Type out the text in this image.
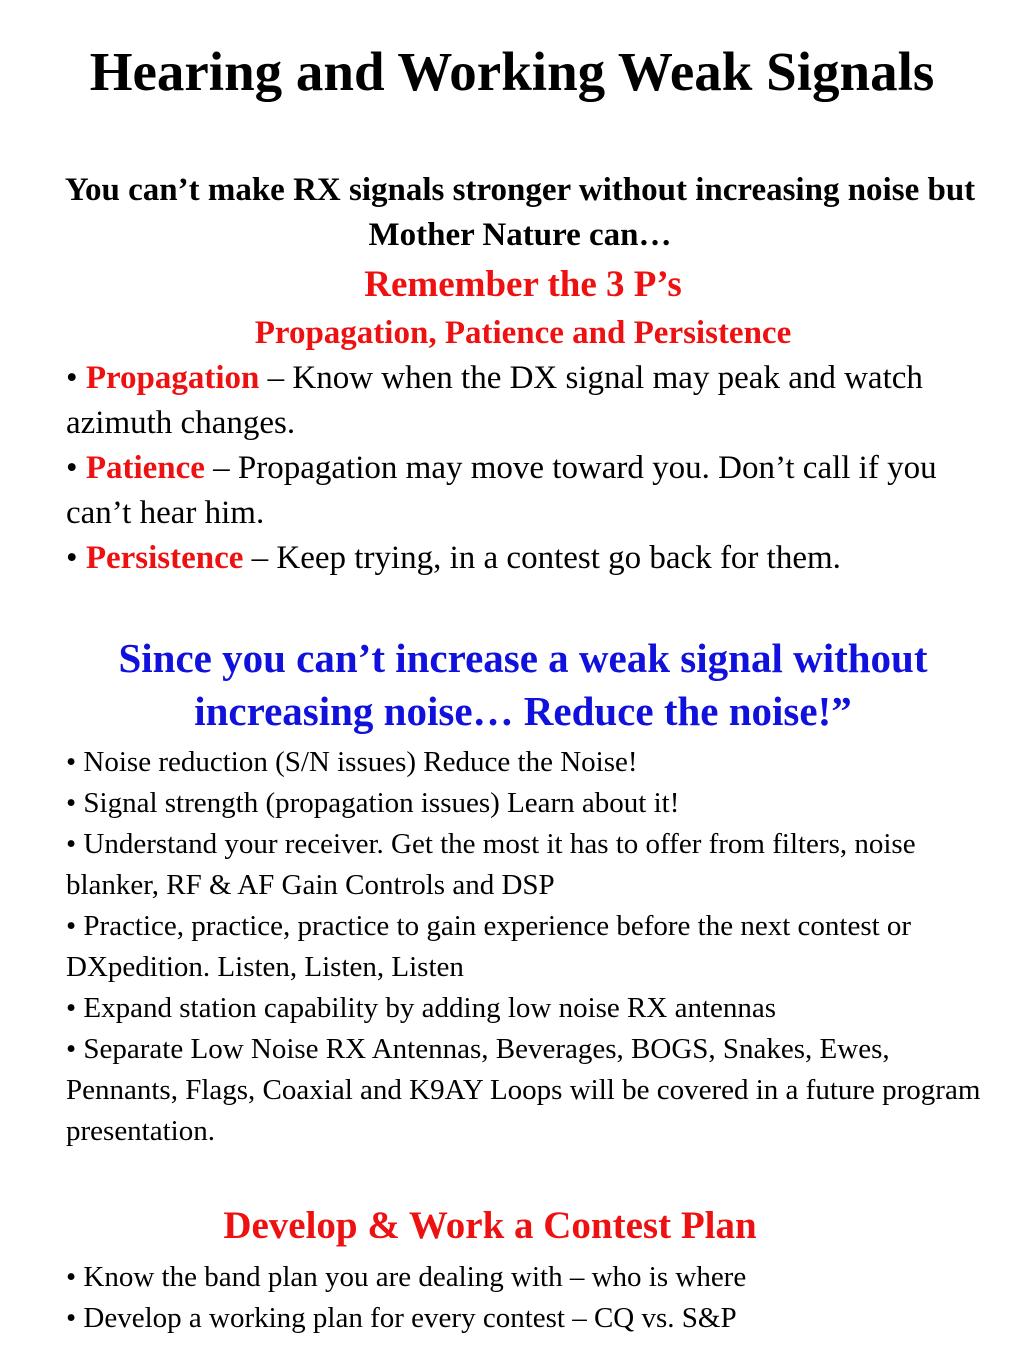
Hearing and Working Weak Signals

You can’t make RX signals stronger without increasing noise but Mother Nature can…

Remember the 3 P’s
Propagation, Patience and Persistence
• Propagation – Know when the DX signal may peak and watch azimuth changes.
• Patience – Propagation may move toward you. Don’t call if you can’t hear him.
• Persistence – Keep trying, in a contest go back for them.
Since you can’t increase a weak signal without increasing noise… Reduce the noise!”
• Noise reduction (S/N issues) Reduce the Noise!
• Signal strength (propagation issues) Learn about it!
• Understand your receiver. Get the most it has to offer from filters, noise blanker, RF & AF Gain Controls and DSP
• Practice, practice, practice to gain experience before the next contest or DXpedition. Listen, Listen, Listen
• Expand station capability by adding low noise RX antennas
• Separate Low Noise RX Antennas, Beverages, BOGS, Snakes, Ewes, Pennants, Flags, Coaxial and K9AY Loops will be covered in a future program presentation.
Develop & Work a Contest Plan
• Know the band plan you are dealing with – who is where
• Develop a working plan for every contest – CQ vs. S&P
